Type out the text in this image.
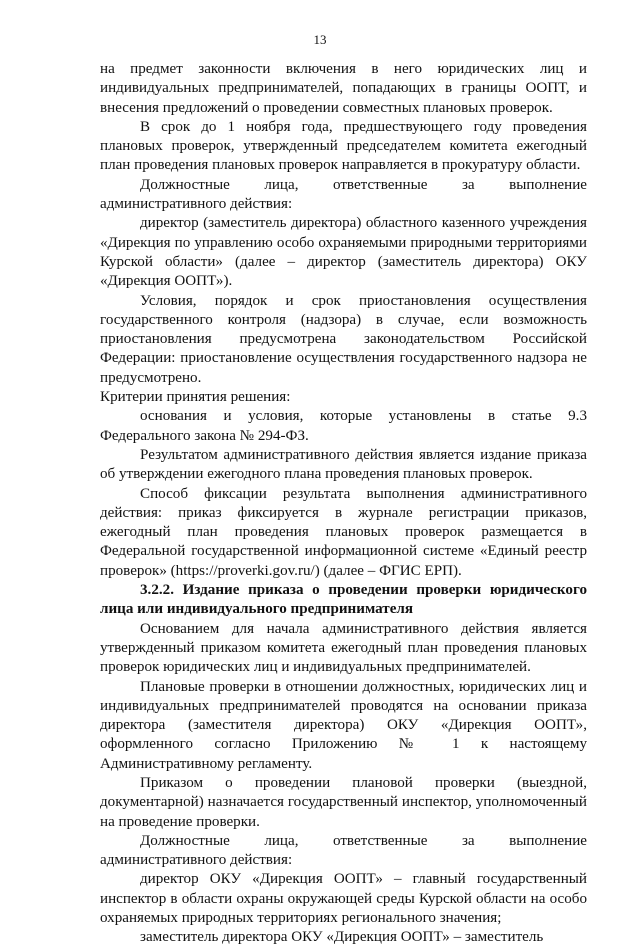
13

на предмет законности включения в него юридических лиц и индивидуальных предпринимателей, попадающих в границы ООПТ, и внесения предложений о проведении совместных плановых проверок.

В срок до 1 ноября года, предшествующего году проведения плановых проверок, утвержденный председателем комитета ежегодный план проведения плановых проверок направляется в прокуратуру области.

Должностные лица, ответственные за выполнение административного действия:

директор (заместитель директора) областного казенного учреждения «Дирекция по управлению особо охраняемыми природными территориями Курской области» (далее – директор (заместитель директора) ОКУ «Дирекция ООПТ»).

Условия, порядок и срок приостановления осуществления государственного контроля (надзора) в случае, если возможность приостановления предусмотрена законодательством Российской Федерации: приостановление осуществления государственного надзора не предусмотрено.

Критерии принятия решения:

основания и условия, которые установлены в статье 9.3 Федерального закона № 294-ФЗ.

Результатом административного действия является издание приказа об утверждении ежегодного плана проведения плановых проверок.

Способ фиксации результата выполнения административного действия: приказ фиксируется в журнале регистрации приказов, ежегодный план проведения плановых проверок размещается в Федеральной государственной информационной системе «Единый реестр проверок» (https://proverki.gov.ru/) (далее – ФГИС ЕРП).

3.2.2. Издание приказа о проведении проверки юридического лица или индивидуального предпринимателя

Основанием для начала административного действия является утвержденный приказом комитета ежегодный план проведения плановых проверок юридических лиц и индивидуальных предпринимателей.

Плановые проверки в отношении должностных, юридических лиц и индивидуальных предпринимателей проводятся на основании приказа директора (заместителя директора) ОКУ «Дирекция ООПТ», оформленного согласно Приложению № 1 к настоящему Административному регламенту.

Приказом о проведении плановой проверки (выездной, документарной) назначается государственный инспектор, уполномоченный на проведение проверки.

Должностные лица, ответственные за выполнение административного действия:

директор ОКУ «Дирекция ООПТ» – главный государственный инспектор в области охраны окружающей среды Курской области на особо охраняемых природных территориях регионального значения;

заместитель директора ОКУ «Дирекция ООПТ» – заместитель
